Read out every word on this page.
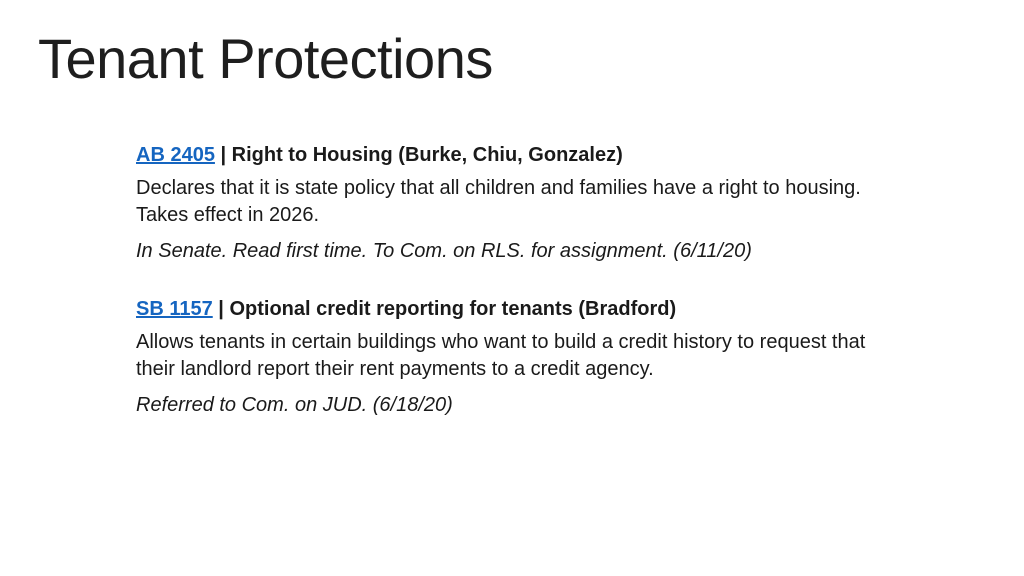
Tenant Protections

AB 2405 | Right to Housing (Burke, Chiu, Gonzalez)

Declares that it is state policy that all children and families have a right to housing. Takes effect in 2026.

In Senate. Read first time. To Com. on RLS. for assignment. (6/11/20)

SB 1157 | Optional credit reporting for tenants (Bradford)

Allows tenants in certain buildings who want to build a credit history to request that their landlord report their rent payments to a credit agency.

Referred to Com. on JUD. (6/18/20)
